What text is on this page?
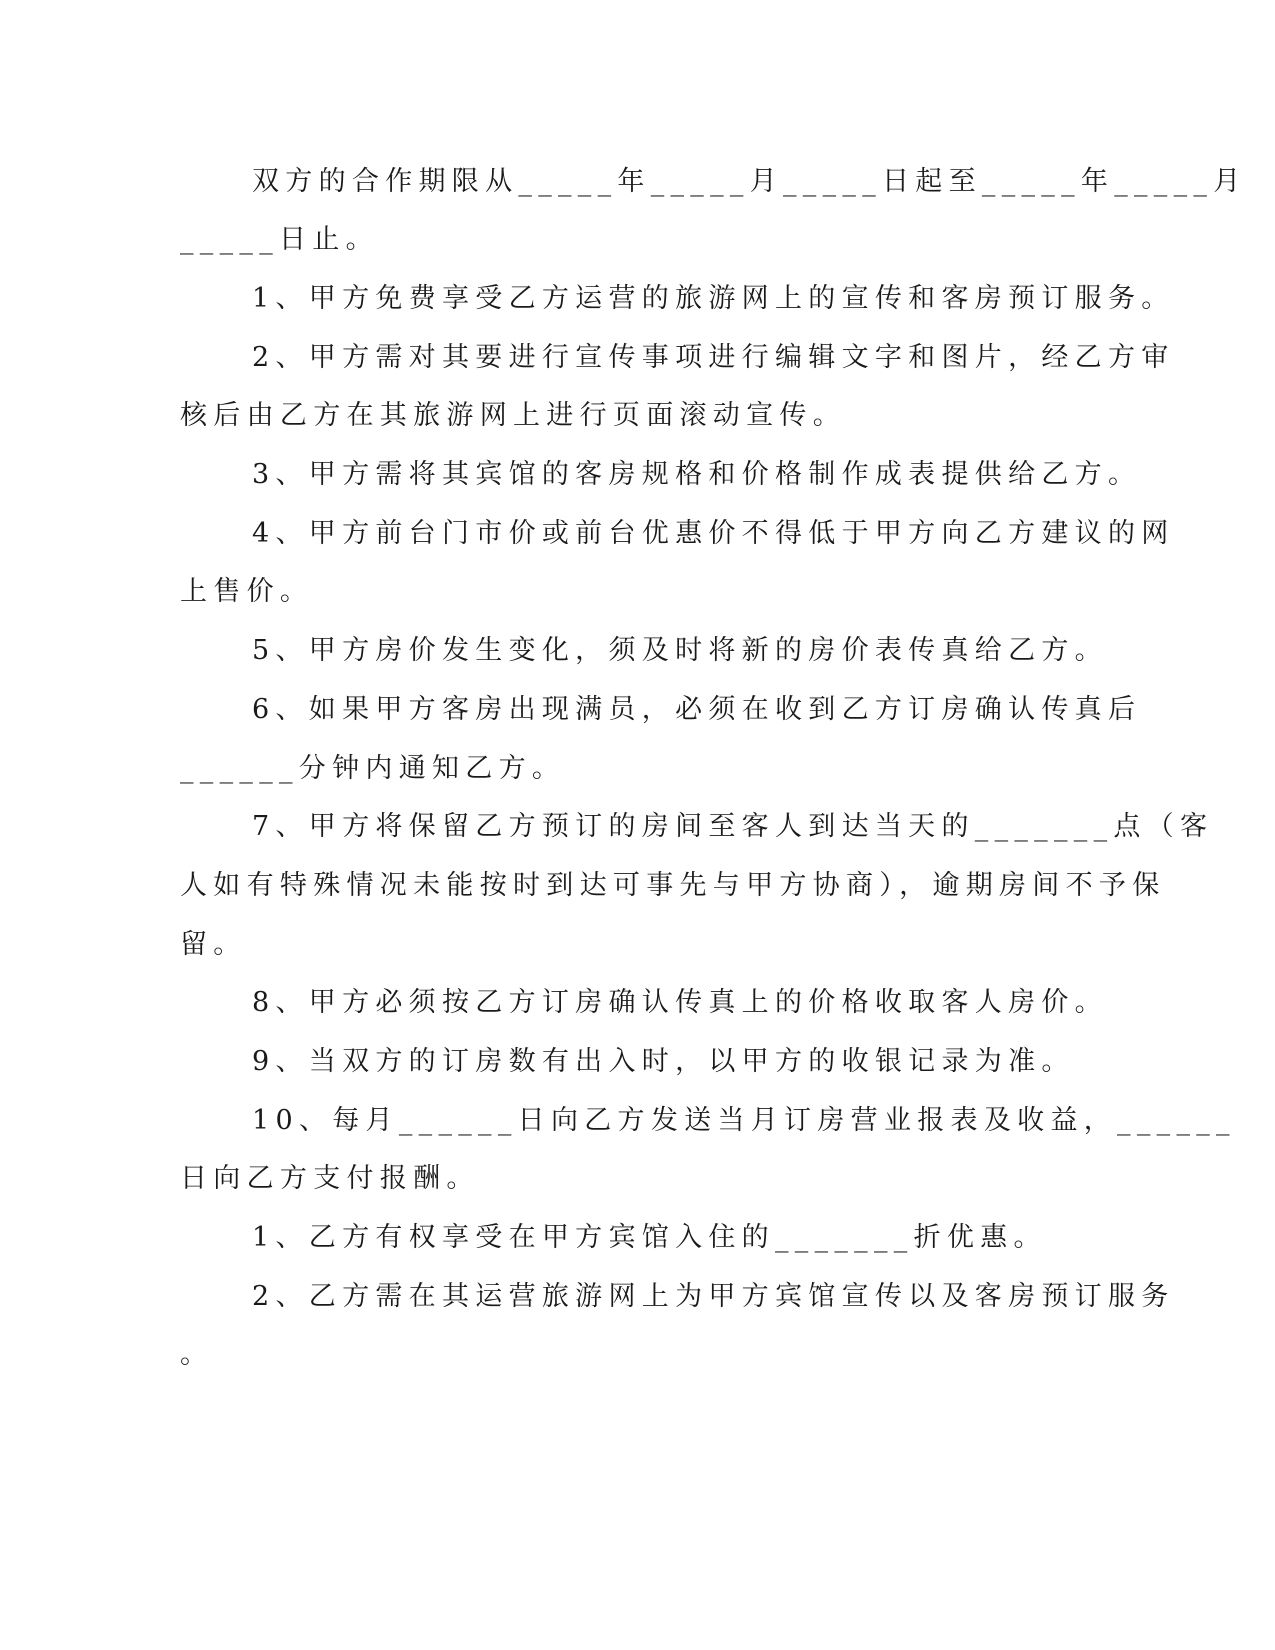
双方的合作期限从_____年_____月_____日起至_____年_____月
_____日止。
1、甲方免费享受乙方运营的旅游网上的宣传和客房预订服务。
2、甲方需对其要进行宣传事项进行编辑文字和图片，经乙方审
核后由乙方在其旅游网上进行页面滚动宣传。
3、甲方需将其宾馆的客房规格和价格制作成表提供给乙方。
4、甲方前台门市价或前台优惠价不得低于甲方向乙方建议的网
上售价。
5、甲方房价发生变化，须及时将新的房价表传真给乙方。
6、如果甲方客房出现满员，必须在收到乙方订房确认传真后
______分钟内通知乙方。
7、甲方将保留乙方预订的房间至客人到达当天的_______点（客
人如有特殊情况未能按时到达可事先与甲方协商），逾期房间不予保
留。
8、甲方必须按乙方订房确认传真上的价格收取客人房价。
9、当双方的订房数有出入时，以甲方的收银记录为准。
10、每月______日向乙方发送当月订房营业报表及收益，______
日向乙方支付报酬。
1、乙方有权享受在甲方宾馆入住的_______折优惠。
2、乙方需在其运营旅游网上为甲方宾馆宣传以及客房预订服务
。
